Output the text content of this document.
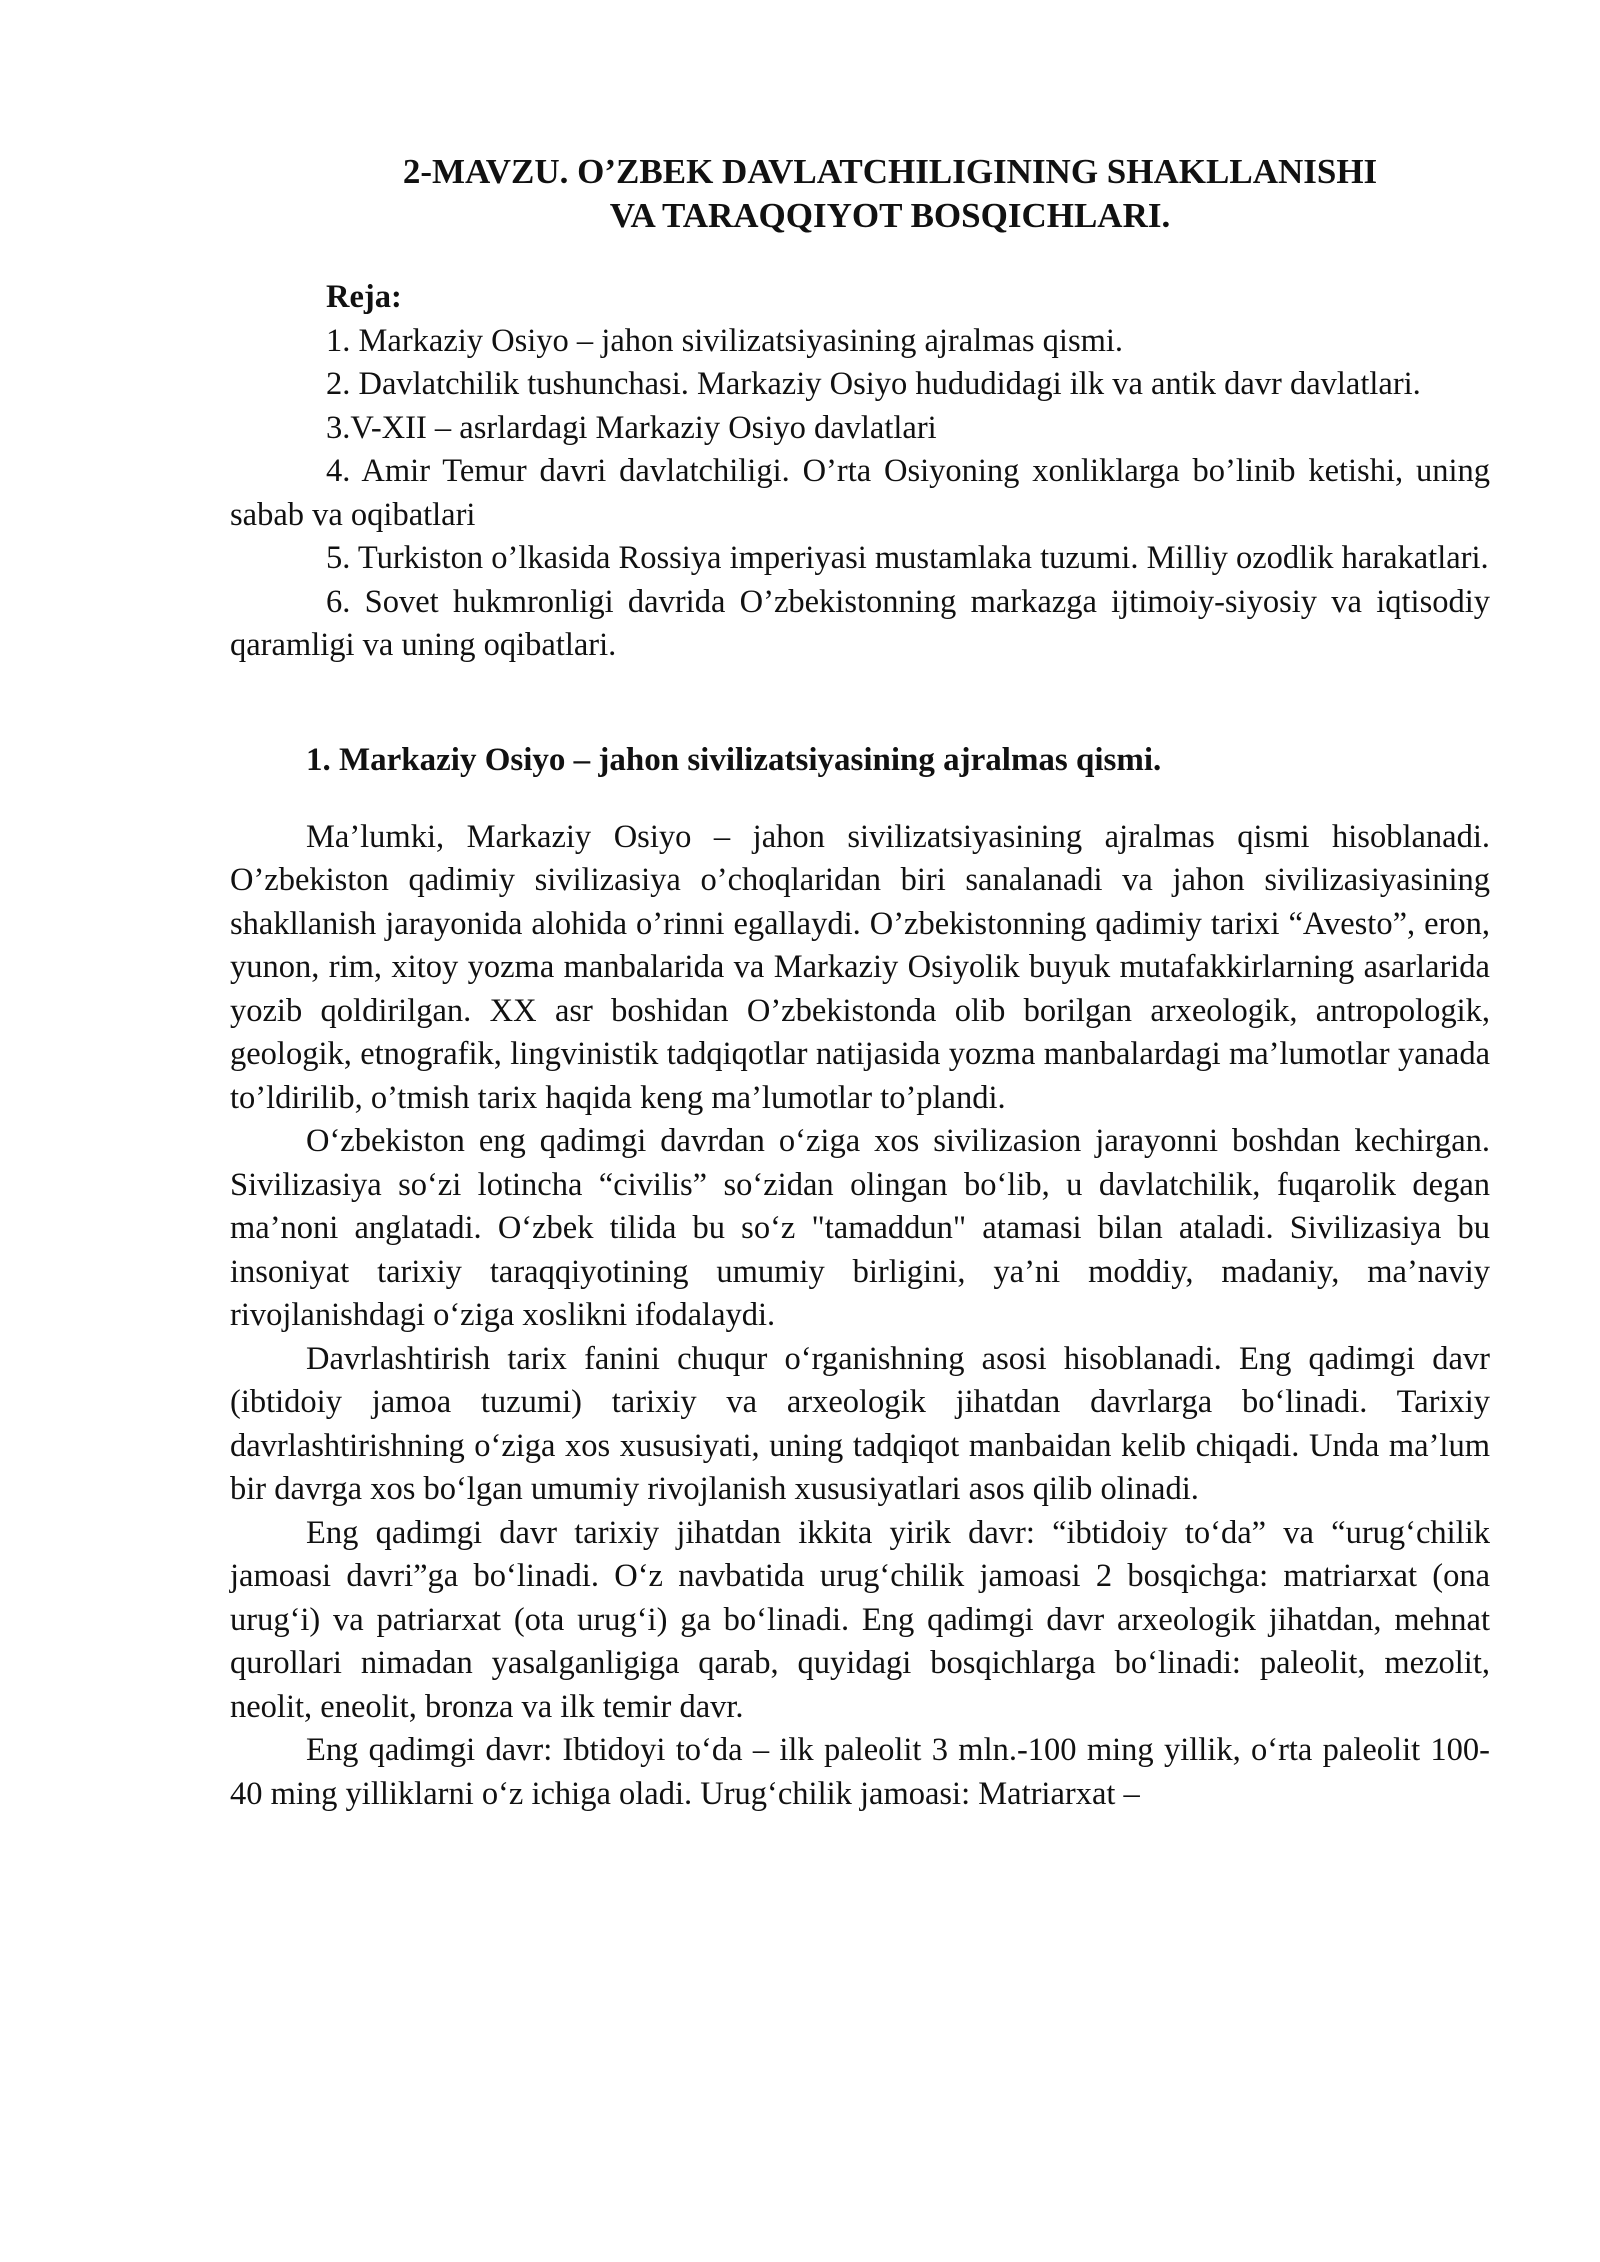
2-MAVZU. O’ZBEK DAVLATCHILIGINING SHAKLLANISHI
VA TARAQQIYOT BOSQICHLARI.

Reja:

1. Markaziy Osiyo – jahon sivilizatsiyasining ajralmas qismi.

2. Davlatchilik tushunchasi. Markaziy Osiyo hududidagi ilk va antik davr davlatlari.

3.V-XII – asrlardagi Markaziy Osiyo davlatlari

4. Amir Temur davri davlatchiligi. O’rta Osiyoning xonliklarga bo’linib ketishi, uning sabab va oqibatlari

5. Turkiston o’lkasida Rossiya imperiyasi mustamlaka tuzumi. Milliy ozodlik harakatlari.

6. Sovet hukmronligi davrida O’zbekistonning markazga ijtimoiy-siyosiy va iqtisodiy qaramligi va uning oqibatlari.

1. Markaziy Osiyo – jahon sivilizatsiyasining ajralmas qismi.

Ma’lumki, Markaziy Osiyo – jahon sivilizatsiyasining ajralmas qismi hisoblanadi. O’zbekiston qadimiy sivilizasiya o’choqlaridan biri sanalanadi va jahon sivilizasiyasining shakllanish jarayonida alohida o’rinni egallaydi. O’zbekistonning qadimiy tarixi “Avesto”, eron, yunon, rim, xitoy yozma manbalarida va Markaziy Osiyolik buyuk mutafakkirlarning asarlarida yozib qoldirilgan. XX asr boshidan O’zbekistonda olib borilgan arxeologik, antropologik, geologik, etnografik, lingvinistik tadqiqotlar natijasida yozma manbalardagi ma’lumotlar yanada to’ldirilib, o’tmish tarix haqida keng ma’lumotlar to’plandi.

O‘zbekiston eng qadimgi davrdan o‘ziga xos sivilizasion jarayonni boshdan kechirgan. Sivilizasiya so‘zi lotincha “civilis” so‘zidan olingan bo‘lib, u davlatchilik, fuqarolik degan ma’noni anglatadi. O‘zbek tilida bu so‘z "tamaddun" atamasi bilan ataladi. Sivilizasiya bu insoniyat tarixiy taraqqiyotining umumiy birligini, ya’ni moddiy, madaniy, ma’naviy rivojlanishdagi o‘ziga xoslikni ifodalaydi.

Davrlashtirish tarix fanini chuqur o‘rganishning asosi hisoblanadi. Eng qadimgi davr (ibtidoiy jamoa tuzumi) tarixiy va arxeologik jihatdan davrlarga bo‘linadi. Tarixiy davrlashtirishning o‘ziga xos xususiyati, uning tadqiqot manbaidan kelib chiqadi. Unda ma’lum bir davrga xos bo‘lgan umumiy rivojlanish xususiyatlari asos qilib olinadi.

Eng qadimgi davr tarixiy jihatdan ikkita yirik davr: “ibtidoiy to‘da” va “urug‘chilik jamoasi davri”ga bo‘linadi. O‘z navbatida urug‘chilik jamoasi 2 bosqichga: matriarxat (ona urug‘i) va patriarxat (ota urug‘i) ga bo‘linadi. Eng qadimgi davr arxeologik jihatdan, mehnat qurollari nimadan yasalganligiga qarab, quyidagi bosqichlarga bo‘linadi: paleolit, mezolit, neolit, eneolit, bronza va ilk temir davr.

Eng qadimgi davr: Ibtidoyi to‘da – ilk paleolit 3 mln.-100 ming yillik, o‘rta paleolit 100-40 ming yilliklarni o‘z ichiga oladi. Urug‘chilik jamoasi: Matriarxat –
